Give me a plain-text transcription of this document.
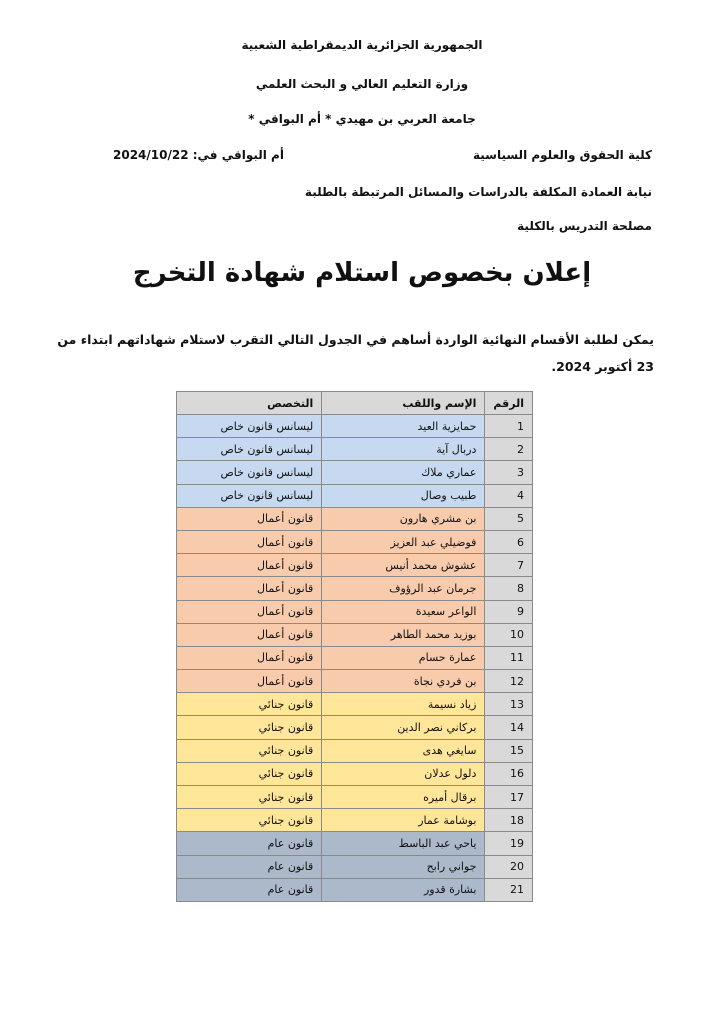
الجمهورية الجزائرية الديمقراطية الشعبية
وزارة التعليم العالي و البحث العلمي
جامعة العربي بن مهيدي * أم البواقي *
كلية الحقوق والعلوم السياسية
أم البواقي في: 2024/10/22
نيابة العمادة المكلفة بالدراسات والمسائل المرتبطة بالطلبة
مصلحة التدريس بالكلية
إعلان بخصوص استلام شهادة التخرج
يمكن لطلبة الأقسام النهائية الواردة أساهم في الجدول التالي التقرب لاستلام شهاداتهم ابتداء من 23 أكتوبر 2024.
الرقم	الإسم واللقب	التخصص
1	حمايزية العيد	ليسانس قانون خاص
2	دربال آية	ليسانس قانون خاص
3	عماري ملاك	ليسانس قانون خاص
4	طبيب وصال	ليسانس قانون خاص
5	بن مشري هارون	قانون أعمال
6	فوضيلي عبد العزيز	قانون أعمال
7	عشوش محمد أنيس	قانون أعمال
8	جرمان عبد الرؤوف	قانون أعمال
9	الواعر سعيدة	قانون أعمال
10	بوزيد محمد الطاهر	قانون أعمال
11	عمارة حسام	قانون أعمال
12	بن فردي نجاة	قانون أعمال
13	زياد نسيمة	قانون جنائي
14	بركاني نصر الدين	قانون جنائي
15	سايغي هدى	قانون جنائي
16	دلول عدلان	قانون جنائي
17	برقال أميره	قانون جنائي
18	بوشامة عمار	قانون جنائي
19	ياحي عبد الباسط	قانون عام
20	جواني رابح	قانون عام
21	بشارة قدور	قانون عام
